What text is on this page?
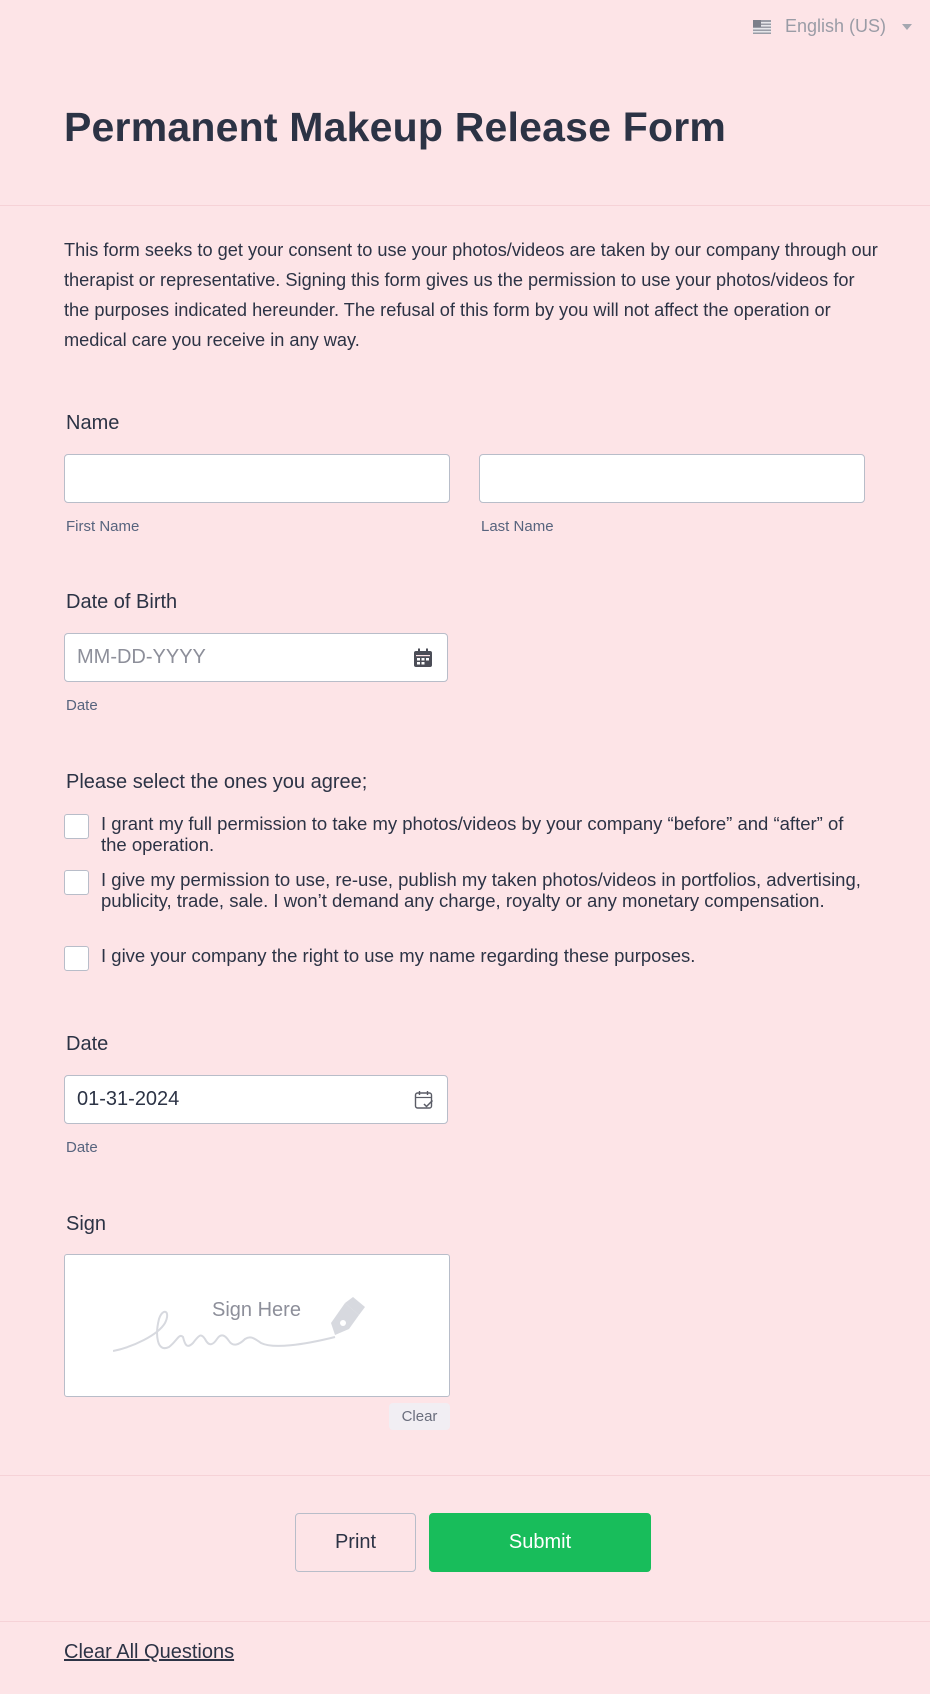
English (US)
Permanent Makeup Release Form

This form seeks to get your consent to use your photos/videos are taken by our company through our therapist or representative. Signing this form gives us the permission to use your photos/videos for the purposes indicated hereunder. The refusal of this form by you will not affect the operation or medical care you receive in any way.

Name
First Name	Last Name
Date of Birth
MM-DD-YYYY
Date
Please select the ones you agree;
I grant my full permission to take my photos/videos by your company “before” and “after” of the operation.
I give my permission to use, re-use, publish my taken photos/videos in portfolios, advertising, publicity, trade, sale. I won’t demand any charge, royalty or any monetary compensation.
I give your company the right to use my name regarding these purposes.
Date
01-31-2024
Date
Sign
Sign Here
Clear
Print	Submit
Clear All Questions
